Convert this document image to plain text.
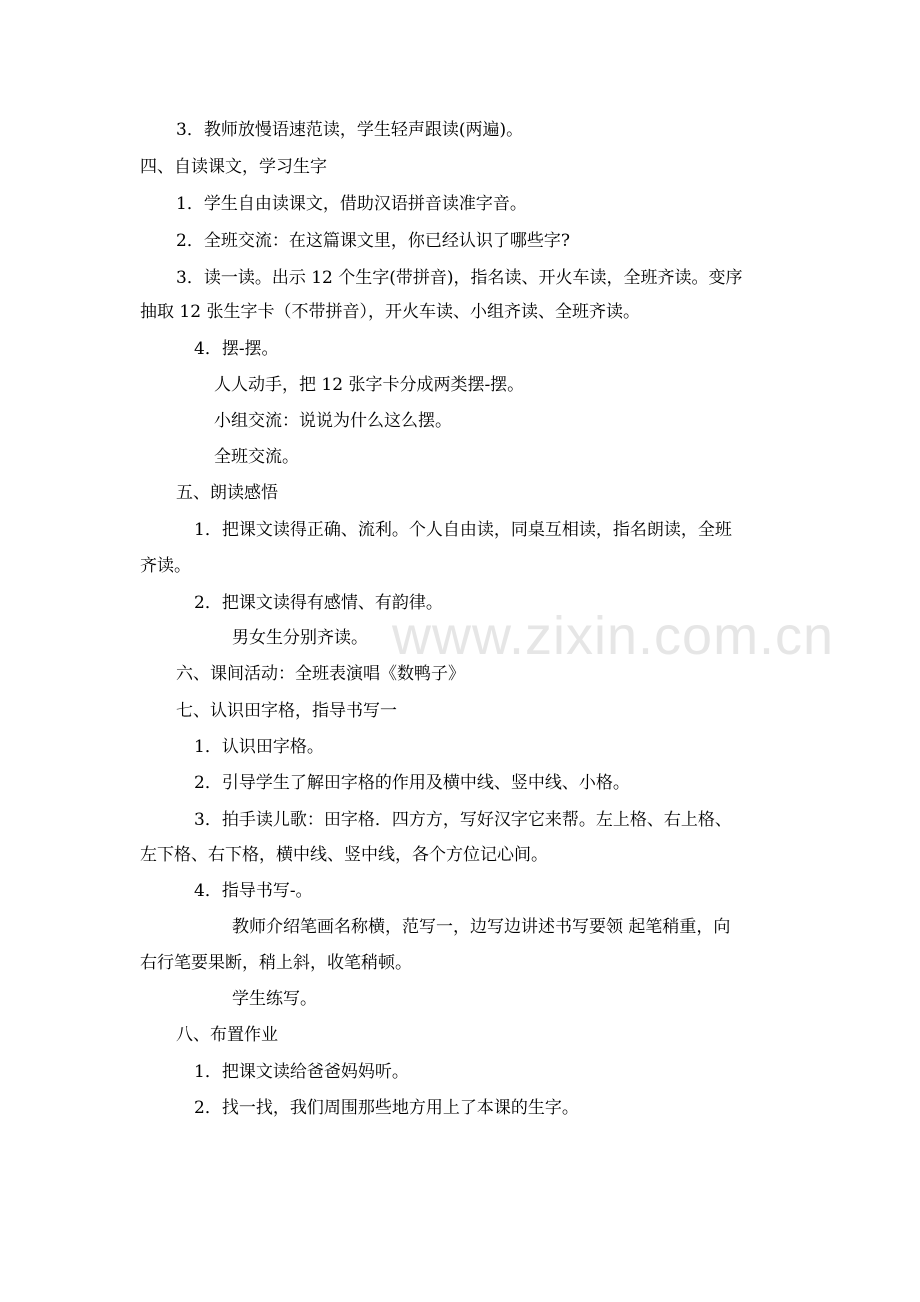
www.zixin.com.cn
3．教师放慢语速范读，学生轻声跟读(两遍)。
四、自读课文，学习生字
1．学生自由读课文，借助汉语拼音读准字音。
2．全班交流：在这篇课文里，你已经认识了哪些字?
3．读一读。出示 12 个生字(带拼音)，指名读、开火车读，全班齐读。变序
抽取 12 张生字卡（不带拼音），开火车读、小组齐读、全班齐读。
4．摆-摆。
人人动手，把 12 张字卡分成两类摆-摆。
小组交流：说说为什么这么摆。
全班交流。
五、朗读感悟
1．把课文读得正确、流利。个人自由读，同桌互相读，指名朗读，全班
齐读。
2．把课文读得有感情、有韵律。
男女生分别齐读。
六、课间活动：全班表演唱《数鸭子》
七、认识田字格，指导书写一
1．认识田字格。
2．引导学生了解田字格的作用及横中线、竖中线、小格。
3．拍手读儿歌：田字格．四方方，写好汉字它来帮。左上格、右上格、
左下格、右下格，横中线、竖中线，各个方位记心间。
4．指导书写-。
教师介绍笔画名称横，范写一，边写边讲述书写要领 起笔稍重，向
右行笔要果断，稍上斜，收笔稍顿。
学生练写。
八、布置作业
1．把课文读给爸爸妈妈听。
2．找一找，我们周围那些地方用上了本课的生字。
